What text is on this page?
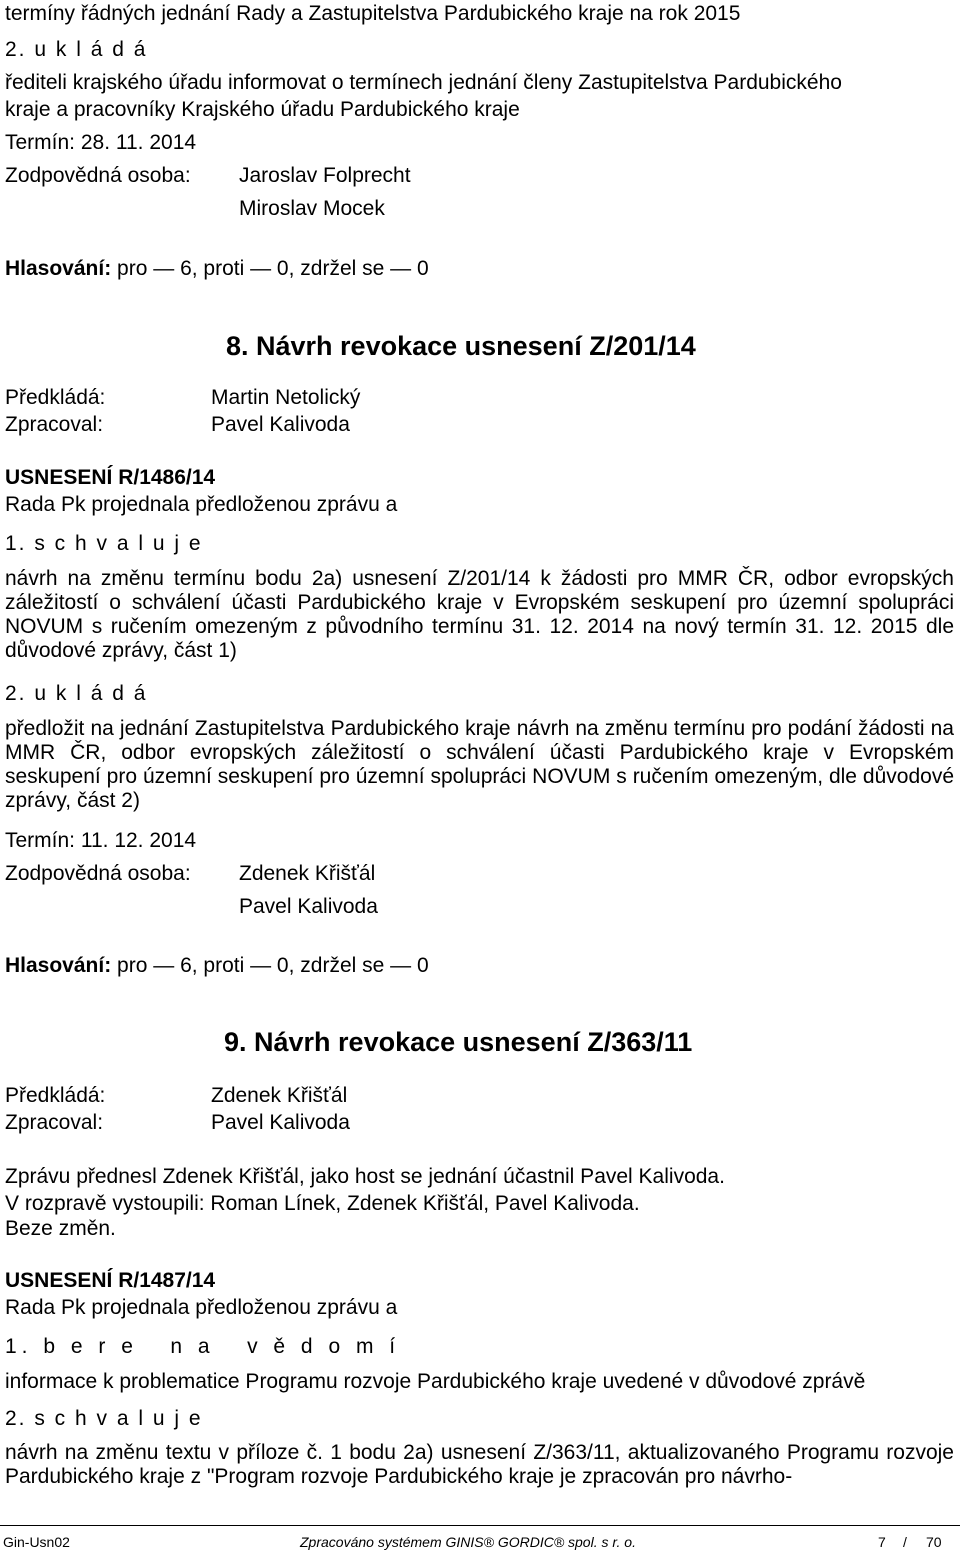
termíny řádných jednání Rady a Zastupitelstva Pardubického kraje na rok 2015
2. u k l á d á
řediteli krajského úřadu informovat o termínech jednání členy Zastupitelstva Pardubického
kraje a pracovníky Krajského úřadu Pardubického kraje
Termín: 28. 11. 2014
Zodpovědná osoba: Jaroslav Folprecht
Miroslav Mocek
Hlasování: pro — 6, proti — 0, zdržel se — 0
8. Návrh revokace usnesení Z/201/14
Předkládá:	Martin Netolický
Zpracoval:	Pavel Kalivoda
USNESENÍ R/1486/14
Rada Pk projednala předloženou zprávu a
1. s c h v a l u j e
návrh na změnu termínu bodu 2a) usnesení Z/201/14 k žádosti pro MMR ČR, odbor evropských záležitostí o schválení účasti Pardubického kraje v Evropském seskupení pro územní spolupráci NOVUM s ručením omezeným z původního termínu 31. 12. 2014 na nový termín 31. 12. 2015 dle důvodové zprávy, část 1)
2. u k l á d á
předložit na jednání Zastupitelstva Pardubického kraje návrh na změnu termínu pro podání žádosti na MMR ČR, odbor evropských záležitostí o schválení účasti Pardubického kraje v Evropském seskupení pro územní seskupení pro územní spolupráci NOVUM s ručením omezeným, dle důvodové zprávy, část 2)
Termín: 11. 12. 2014
Zodpovědná osoba: Zdenek Křišťál
Pavel Kalivoda
Hlasování: pro — 6, proti — 0, zdržel se — 0
9. Návrh revokace usnesení Z/363/11
Předkládá:	Zdenek Křišťál
Zpracoval:	Pavel Kalivoda
Zprávu přednesl Zdenek Křišťál, jako host se jednání účastnil Pavel Kalivoda.
V rozpravě vystoupili: Roman Línek, Zdenek Křišťál, Pavel Kalivoda.
Beze změn.
USNESENÍ R/1487/14
Rada Pk projednala předloženou zprávu a
1. b e r e   n a   v ě d o m í
informace k problematice Programu rozvoje Pardubického kraje uvedené v důvodové zprávě
2. s c h v a l u j e
návrh na změnu textu v příloze č. 1 bodu 2a) usnesení Z/363/11, aktualizovaného Programu rozvoje Pardubického kraje z "Program rozvoje Pardubického kraje je zpracován pro návrho-
Gin-Usn02	Zpracováno systémem GINIS® GORDIC® spol. s r. o.	7 / 70
